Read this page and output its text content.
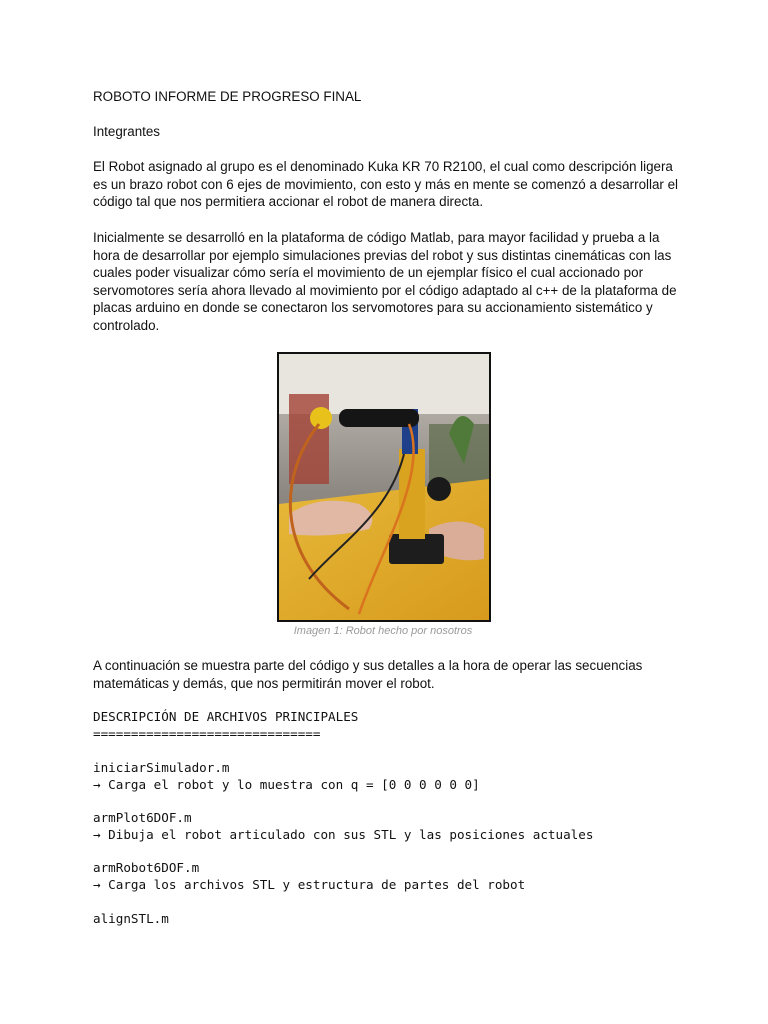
ROBOTO INFORME DE PROGRESO FINAL

Integrantes

El Robot asignado al grupo es el denominado Kuka KR 70 R2100, el cual como descripción ligera es un brazo robot con 6 ejes de movimiento, con esto y más en mente se comenzó a desarrollar el código tal que nos permitiera accionar el robot de manera directa.

Inicialmente se desarrolló en la plataforma de código Matlab, para mayor facilidad y prueba a la hora de desarrollar por ejemplo simulaciones previas del robot y sus distintas cinemáticas con las cuales poder visualizar cómo sería el movimiento de un ejemplar físico el cual accionado por servomotores sería ahora llevado al movimiento por el código adaptado al c++ de la plataforma de placas arduino en donde se conectaron los servomotores para su accionamiento sistemático y controlado.

Imagen 1: Robot hecho por nosotros

A continuación se muestra parte del código y sus detalles a la hora de operar las secuencias matemáticas y demás, que nos permitirán mover el robot.

DESCRIPCIÓN DE ARCHIVOS PRINCIPALES

==============================

iniciarSimulador.m

→ Carga el robot y lo muestra con q = [0 0 0 0 0 0]

armPlot6DOF.m

→ Dibuja el robot articulado con sus STL y las posiciones actuales

armRobot6DOF.m

→ Carga los archivos STL y estructura de partes del robot

alignSTL.m
